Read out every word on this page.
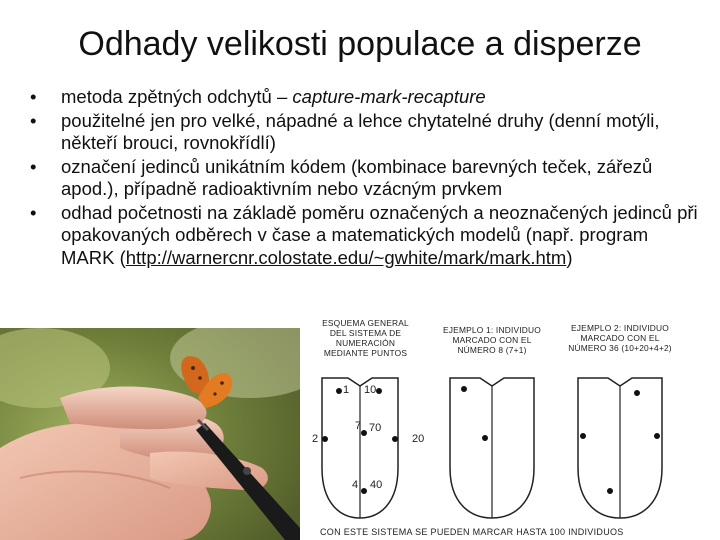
Odhady velikosti populace a disperze
• metoda zpětných odchytů – capture-mark-recapture
• použitelné jen pro velké, nápadné a lehce chytatelné druhy (denní motýli, někteří brouci, rovnokřídlí)
• označení jedinců unikátním kódem (kombinace barevných teček, zářezů apod.), případně radioaktivním nebo vzácným prvkem
• odhad početnosti na základě poměru označených a neoznačených jedinců při opakovaných odběrech v čase a matematických modelů (např. program MARK (http://warnercnr.colostate.edu/~gwhite/mark/mark.htm)
ESQUEMA GENERAL DEL SISTEMA DE NUMERACIÓN MEDIANTE PUNTOS
EJEMPLO 1: INDIVIDUO MARCADO CON EL NÚMERO 8 (7+1)
EJEMPLO 2: INDIVIDUO MARCADO CON EL NÚMERO 36 (10+20+4+2)
1 10
2	20
7 70
4 40
CON ESTE SISTEMA SE PUEDEN MARCAR HASTA 100 INDIVIDUOS
